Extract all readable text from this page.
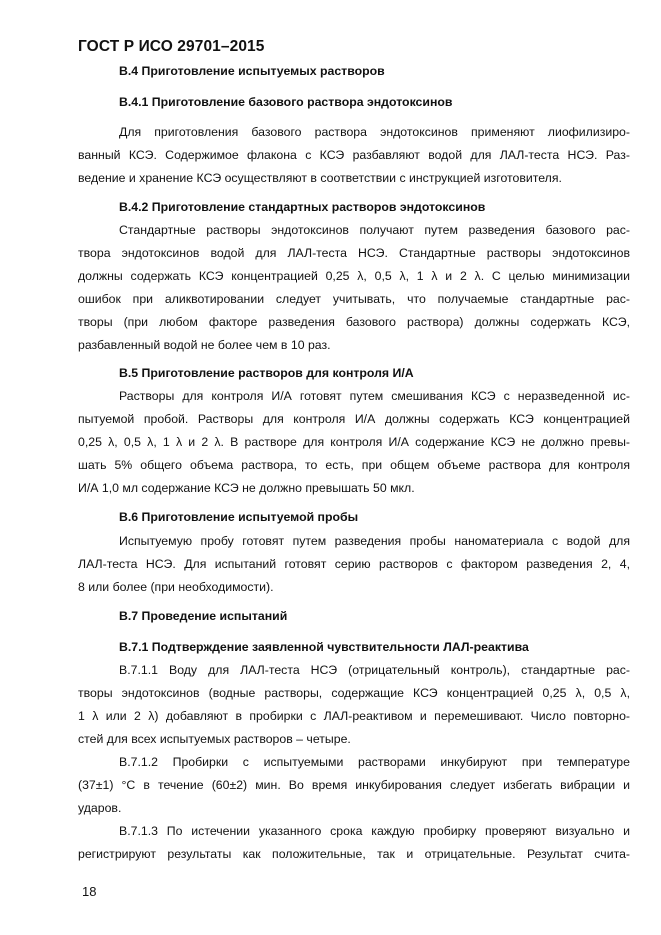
ГОСТ Р ИСО 29701–2015
В.4 Приготовление испытуемых растворов
В.4.1 Приготовление базового раствора эндотоксинов
Для приготовления базового раствора эндотоксинов применяют лиофилизиро-
ванный КСЭ. Содержимое флакона с КСЭ разбавляют водой для ЛАЛ-теста НСЭ. Раз-
ведение и хранение КСЭ осуществляют в соответствии с инструкцией изготовителя.
В.4.2 Приготовление стандартных растворов эндотоксинов
Стандартные растворы эндотоксинов получают путем разведения базового рас-
твора эндотоксинов водой для ЛАЛ-теста НСЭ. Стандартные растворы эндотоксинов
должны содержать КСЭ концентрацией 0,25 λ, 0,5 λ, 1 λ и 2 λ. С целью минимизации
ошибок при аликвотировании следует учитывать, что получаемые стандартные рас-
творы (при любом факторе разведения базового раствора) должны содержать КСЭ,
разбавленный водой не более чем в 10 раз.
В.5 Приготовление растворов для контроля И/А
Растворы для контроля И/А готовят путем смешивания КСЭ с неразведенной ис-
пытуемой пробой. Растворы для контроля И/А должны содержать КСЭ концентрацией
0,25 λ, 0,5 λ, 1 λ и 2 λ. В растворе для контроля И/А содержание КСЭ не должно превы-
шать 5% общего объема раствора, то есть, при общем объеме раствора для контроля
И/А 1,0 мл содержание КСЭ не должно превышать 50 мкл.
В.6 Приготовление испытуемой пробы
Испытуемую пробу готовят путем разведения пробы наноматериала с водой для
ЛАЛ-теста НСЭ. Для испытаний готовят серию растворов с фактором разведения 2, 4,
8 или более (при необходимости).
В.7 Проведение испытаний
В.7.1 Подтверждение заявленной чувствительности ЛАЛ-реактива
В.7.1.1 Воду для ЛАЛ-теста НСЭ (отрицательный контроль), стандартные рас-
творы эндотоксинов (водные растворы, содержащие КСЭ концентрацией 0,25 λ, 0,5 λ,
1 λ или 2 λ) добавляют в пробирки с ЛАЛ-реактивом и перемешивают. Число повторно-
стей для всех испытуемых растворов – четыре.
В.7.1.2 Пробирки с испытуемыми растворами инкубируют при температуре
(37±1) °С в течение (60±2) мин. Во время инкубирования следует избегать вибрации и
ударов.
В.7.1.3 По истечении указанного срока каждую пробирку проверяют визуально и
регистрируют результаты как положительные, так и отрицательные. Результат счита-
18
